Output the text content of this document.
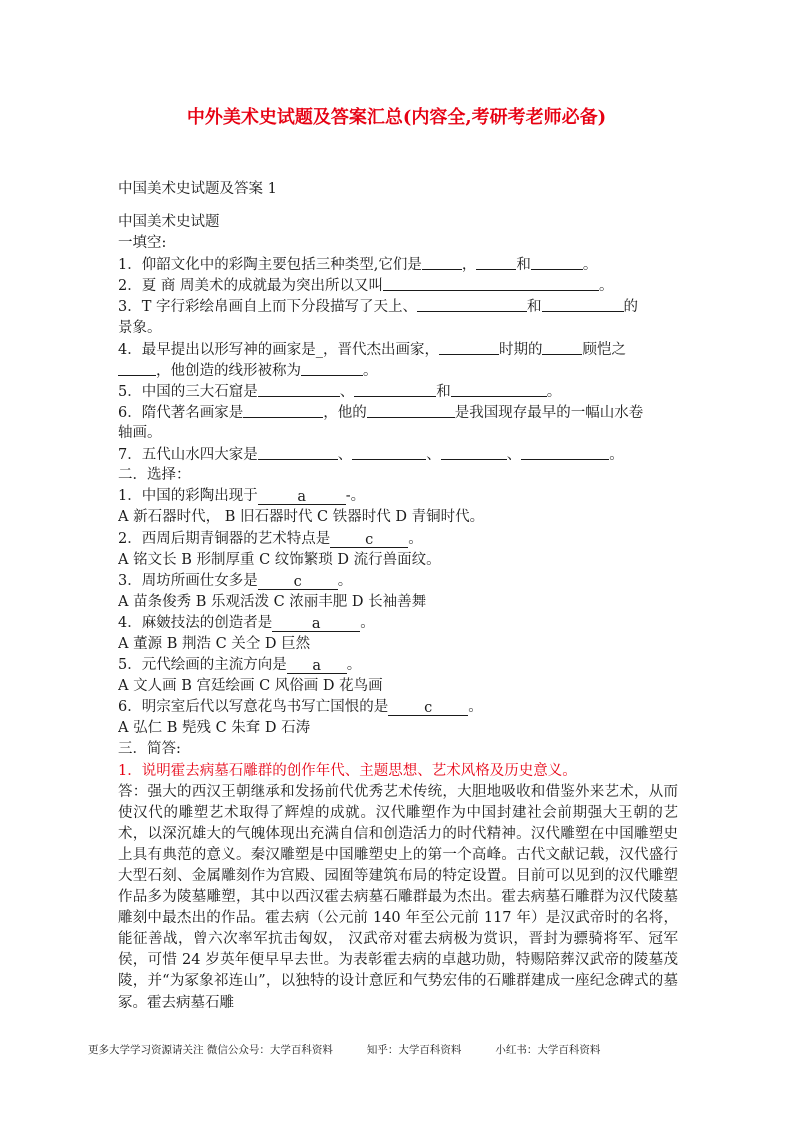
中外美术史试题及答案汇总(内容全,考研考老师必备)
中国美术史试题及答案 1
中国美术史试题
一填空:
1．仰韶文化中的彩陶主要包括三种类型,它们是	，	和	。
2．夏 商 周美术的成就最为突出所以又叫	。
3．T 字行彩绘帛画自上而下分段描写了天上、	和	的
景象。
4．最早提出以形写神的画家是_，晋代杰出画家，	时期的	顾恺之
，他创造的线形被称为	。
5．中国的三大石窟是	、	和	。
6．隋代著名画家是	，他的	是我国现存最早的一幅山水卷
轴画。
7．五代山水四大家是	、	、	、	。
二．选择：
1．中国的彩陶出现于	a	-。
A 新石器时代， B 旧石器时代 C 铁器时代 D 青铜时代。
2．西周后期青铜器的艺术特点是 c 。
A 铭文长 B 形制厚重 C 纹饰繁琐 D 流行兽面纹。
3．周坊所画仕女多是 c 。
A 苗条俊秀 B 乐观活泼 C 浓丽丰肥 D 长袖善舞
4．麻皴技法的创造者是	a	。
A 董源 B 荆浩 C 关仝 D 巨然
5．元代绘画的主流方向是 a 。
A 文人画 B 宫廷绘画 C 风俗画 D 花鸟画
6．明宗室后代以写意花鸟书写亡国恨的是 c 。
A 弘仁 B 髡残 C 朱耷 D 石涛
三．简答:
1．说明霍去病墓石雕群的创作年代、主题思想、艺术风格及历史意义。
答：强大的西汉王朝继承和发扬前代优秀艺术传统，大胆地吸收和借鉴外来艺术，从而使汉代的雕塑艺术取得了辉煌的成就。汉代雕塑作为中国封建社会前期强大王朝的艺术，以深沉雄大的气魄体现出充满自信和创造活力的时代精神。汉代雕塑在中国雕塑史上具有典范的意义。秦汉雕塑是中国雕塑史上的第一个高峰。古代文献记载，汉代盛行大型石刻、金属雕刻作为宫殿、园囿等建筑布局的特定设置。目前可以见到的汉代雕塑作品多为陵墓雕塑，其中以西汉霍去病墓石雕群最为杰出。霍去病墓石雕群为汉代陵墓雕刻中最杰出的作品。霍去病（公元前 140 年至公元前 117 年）是汉武帝时的名将，能征善战，曾六次率军抗击匈奴， 汉武帝对霍去病极为赏识，晋封为骠骑将军、冠军侯，可惜 24 岁英年便早早去世。为表彰霍去病的卓越功勋，特赐陪葬汉武帝的陵墓茂陵，并“为冢象祁连山”，以独特的设计意匠和气势宏伟的石雕群建成一座纪念碑式的墓冢。霍去病墓石雕
更多大学学习资源请关注 微信公众号：大学百科资料	知乎：大学百科资料	小红书：大学百科资料
